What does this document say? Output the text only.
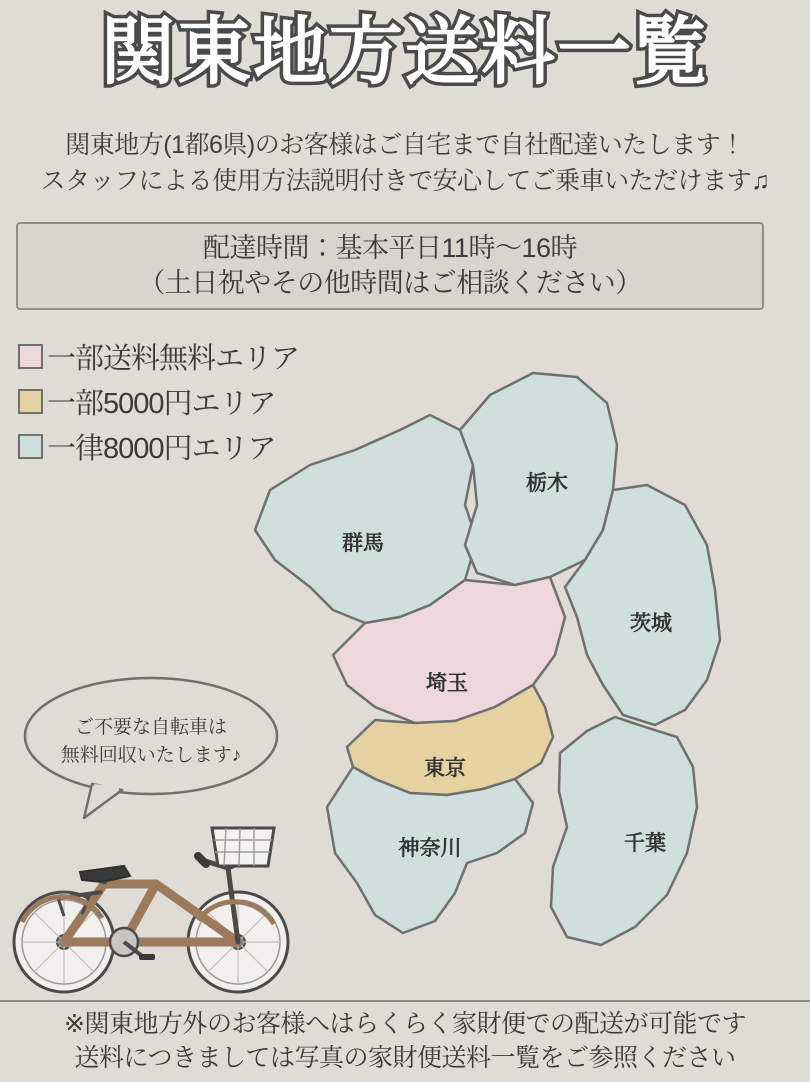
関東地方送料一覧
関東地方(1都6県)のお客様はご自宅まで自社配達いたします！
スタッフによる使用方法説明付きで安心してご乗車いただけます♫
配達時間：基本平日11時〜16時
（土日祝やその他時間はご相談ください）
一部送料無料エリア
一部5000円エリア
一律8000円エリア
群馬
栃木
茨城
埼玉
東京
千葉
神奈川
ご不要な自転車は
無料回収いたします♪
※関東地方外のお客様へはらくらく家財便での配送が可能です
送料につきましては写真の家財便送料一覧をご参照ください
